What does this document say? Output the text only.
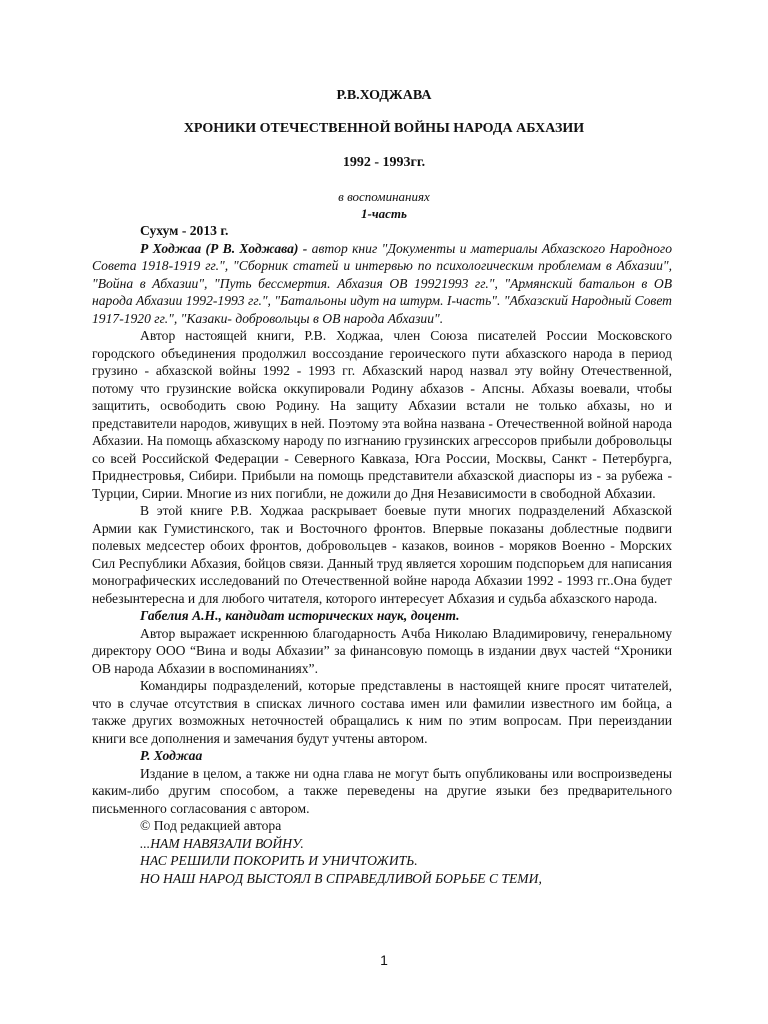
Р.В.ХОДЖАВА
ХРОНИКИ ОТЕЧЕСТВЕННОЙ ВОЙНЫ НАРОДА АБХАЗИИ
1992 - 1993гг.
в воспоминаниях
1-часть

Сухум - 2013 г.

Р Ходжаа (Р В. Ходжава) - автор книг "Документы и материалы Абхазского Народного Совета 1918-1919 гг.", "Сборник статей и интервью по психологическим проблемам в Абхазии", "Война в Абхазии", "Путь бессмертия. Абхазия ОВ 19921993 гг.", "Армянский батальон в ОВ народа Абхазии 1992-1993 гг.", "Батальоны идут на штурм. I-часть". "Абхазский Народный Совет 1917-1920 гг.", "Казаки- добровольцы в ОВ народа Абхазии".

Автор настоящей книги, Р.В. Ходжаа, член Союза писателей России Московского городского объединения продолжил воссоздание героического пути абхазского народа в период грузино - абхазской войны 1992 - 1993 гг. Абхазский народ назвал эту войну Отечественной, потому что грузинские войска оккупировали Родину абхазов - Апсны. Абхазы воевали, чтобы защитить, освободить свою Родину. На защиту Абхазии встали не только абхазы, но и представители народов, живущих в ней. Поэтому эта война названа - Отечественной войной народа Абхазии. На помощь абхазскому народу по изгнанию грузинских агрессоров прибыли добровольцы со всей Российской Федерации - Северного Кавказа, Юга России, Москвы, Санкт - Петербурга, Приднестровья, Сибири. Прибыли на помощь представители абхазской диаспоры из - за рубежа - Турции, Сирии. Многие из них погибли, не дожили до Дня Независимости в свободной Абхазии.

В этой книге Р.В. Ходжаа раскрывает боевые пути многих подразделений Абхазской Армии как Гумистинского, так и Восточного фронтов. Впервые показаны доблестные подвиги полевых медсестер обоих фронтов, добровольцев - казаков, воинов - моряков Военно - Морских Сил Республики Абхазия, бойцов связи. Данный труд является хорошим подспорьем для написания монографических исследований по Отечественной войне народа Абхазии 1992 - 1993 гг..Она будет небезынтересна и для любого читателя, которого интересует Абхазия и судьба абхазского народа.

Габелия А.Н., кандидат исторических наук, доцент.

Автор выражает искреннюю благодарность Ачба Николаю Владимировичу, генеральному директору ООО “Вина и воды Абхазии” за финансовую помощь в издании двух частей “Хроники ОВ народа Абхазии в воспоминаниях”.

Командиры подразделений, которые представлены в настоящей книге просят читателей, что в случае отсутствия в списках личного состава имен или фамилии известного им бойца, а также других возможных неточностей обращались к ним по этим вопросам. При переиздании книги все дополнения и замечания будут учтены автором.

Р. Ходжаа

Издание в целом, а также ни одна глава не могут быть опубликованы или воспроизведены каким-либо другим способом, а также переведены на другие языки без предварительного письменного согласования с автором.

© Под редакцией автора

...НАМ НАВЯЗАЛИ ВОЙНУ.

НАС РЕШИЛИ ПОКОРИТЬ И УНИЧТОЖИТЬ.

НО НАШ НАРОД ВЫСТОЯЛ В СПРАВЕДЛИВОЙ БОРЬБЕ С ТЕМИ,

1
